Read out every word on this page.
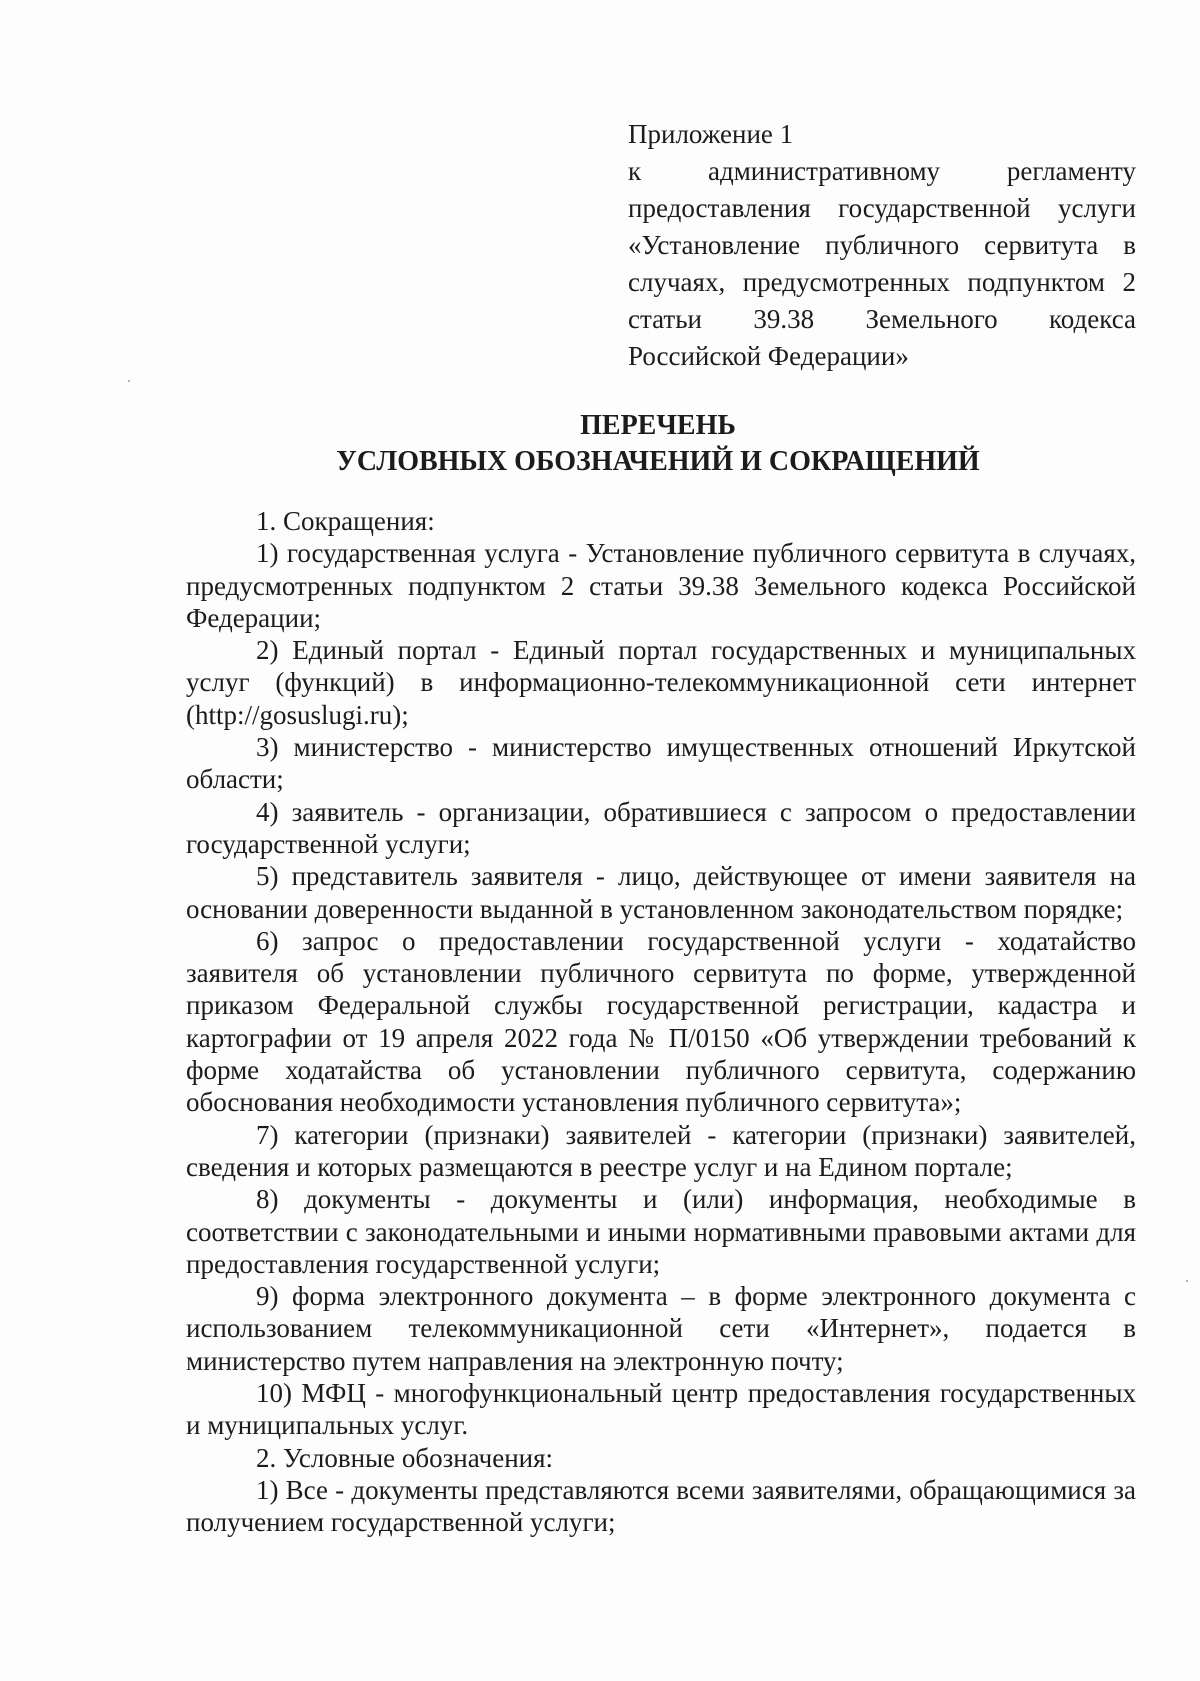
Приложение 1
к административному регламенту предоставления государственной услуги «Установление публичного сервитута в случаях, предусмотренных подпунктом 2 статьи 39.38 Земельного кодекса Российской Федерации»
ПЕРЕЧЕНЬ
УСЛОВНЫХ ОБОЗНАЧЕНИЙ И СОКРАЩЕНИЙ

1. Сокращения:

1) государственная услуга - Установление публичного сервитута в случаях, предусмотренных подпунктом 2 статьи 39.38 Земельного кодекса Российской Федерации;

2) Единый портал - Единый портал государственных и муниципальных услуг (функций) в информационно-телекоммуникационной сети интернет (http://gosuslugi.ru);

3) министерство - министерство имущественных отношений Иркутской области;

4) заявитель - организации, обратившиеся с запросом о предоставлении государственной услуги;

5) представитель заявителя - лицо, действующее от имени заявителя на основании доверенности выданной в установленном законодательством порядке;

6) запрос о предоставлении государственной услуги - ходатайство заявителя об установлении публичного сервитута по форме, утвержденной приказом Федеральной службы государственной регистрации, кадастра и картографии от 19 апреля 2022 года № П/0150 «Об утверждении требований к форме ходатайства об установлении публичного сервитута, содержанию обоснования необходимости установления публичного сервитута»;

7) категории (признаки) заявителей - категории (признаки) заявителей, сведения и которых размещаются в реестре услуг и на Едином портале;

8) документы - документы и (или) информация, необходимые в соответствии с законодательными и иными нормативными правовыми актами для предоставления государственной услуги;

9) форма электронного документа – в форме электронного документа с использованием телекоммуникационной сети «Интернет», подается в министерство путем направления на электронную почту;

10) МФЦ - многофункциональный центр предоставления государственных и муниципальных услуг.

2. Условные обозначения:

1) Все - документы представляются всеми заявителями, обращающимися за получением государственной услуги;
